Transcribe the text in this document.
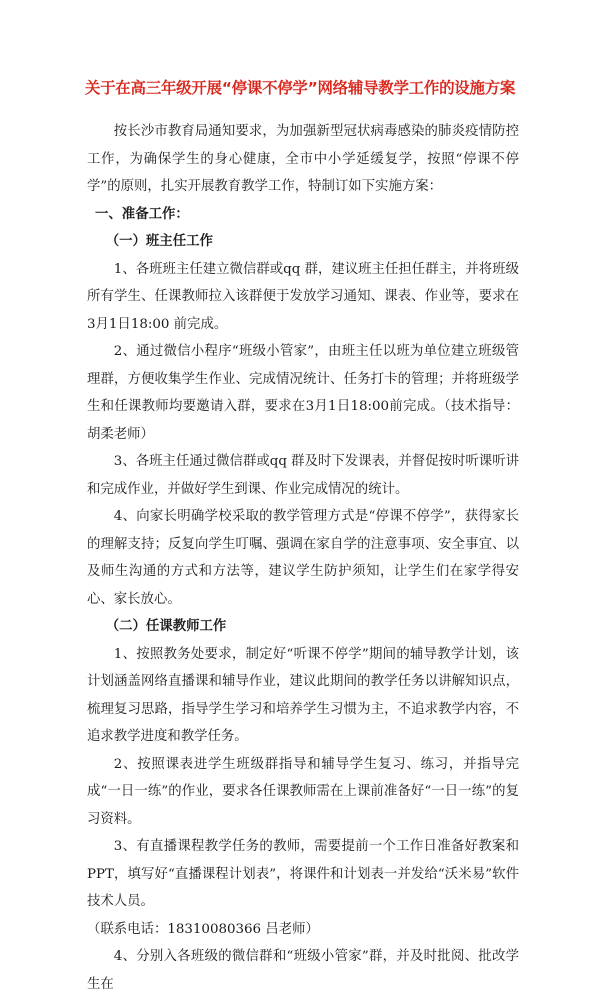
关于在高三年级开展“停课不停学”网络辅导教学工作的设施方案

按长沙市教育局通知要求，为加强新型冠状病毒感染的肺炎疫情防控工作，为确保学生的身心健康，全市中小学延缓复学，按照“停课不停学”的原则，扎实开展教育教学工作，特制订如下实施方案：

一、准备工作：

（一）班主任工作

1、各班班主任建立微信群或qq 群，建议班主任担任群主，并将班级所有学生、任课教师拉入该群便于发放学习通知、课表、作业等，要求在3月1日18:00 前完成。

2、通过微信小程序“班级小管家”，由班主任以班为单位建立班级管理群，方便收集学生作业、完成情况统计、任务打卡的管理；并将班级学生和任课教师均要邀请入群，要求在3月1日18:00前完成。（技术指导：胡柔老师）

3、各班主任通过微信群或qq 群及时下发课表，并督促按时听课听讲和完成作业，并做好学生到课、作业完成情况的统计。

4、向家长明确学校采取的教学管理方式是“停课不停学”，获得家长的理解支持；反复向学生叮嘱、强调在家自学的注意事项、安全事宜、以及师生沟通的方式和方法等，建议学生防护须知，让学生们在家学得安心、家长放心。

（二）任课教师工作

1、按照教务处要求，制定好“听课不停学”期间的辅导教学计划，该计划涵盖网络直播课和辅导作业，建议此期间的教学任务以讲解知识点，梳理复习思路，指导学生学习和培养学生习惯为主，不追求教学内容，不追求教学进度和教学任务。

2、按照课表进学生班级群指导和辅导学生复习、练习，并指导完成“一日一练”的作业，要求各任课教师需在上课前准备好“一日一练”的复习资料。

3、有直播课程教学任务的教师，需要提前一个工作日准备好教案和PPT，填写好“直播课程计划表”，将课件和计划表一并发给“沃米易”软件技术人员。

（联系电话：18310080366 吕老师）

4、分别入各班级的微信群和“班级小管家”群，并及时批阅、批改学生在
